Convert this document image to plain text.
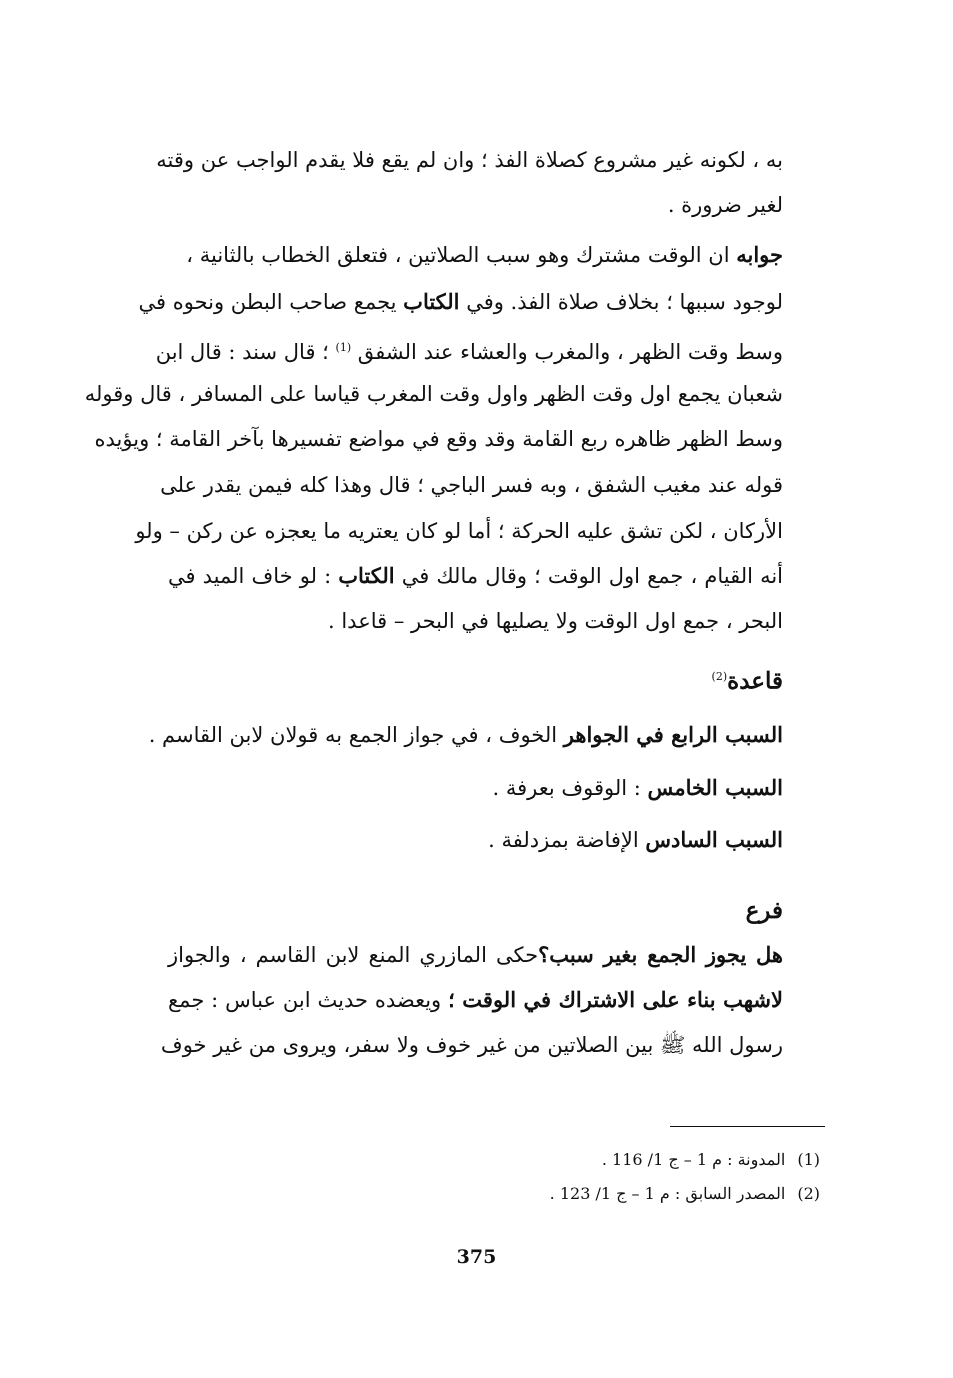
به ، لكونه غير مشروع كصلاة الفذ ؛ وان لم يقع فلا يقدم الواجب عن وقته
لغير ضرورة .
جوابه ان الوقت مشترك وهو سبب الصلاتين ، فتعلق الخطاب بالثانية ،
لوجود سببها ؛ بخلاف صلاة الفذ. وفي الكتاب يجمع صاحب البطن ونحوه في
وسط وقت الظهر ، والمغرب والعشاء عند الشفق $^{(1)}$ ؛ قال سند : قال ابن
شعبان يجمع اول وقت الظهر واول وقت المغرب قياسا على المسافر ، قال وقوله
وسط الظهر ظاهره ربع القامة وقد وقع في مواضع تفسيرها بآخر القامة ؛ ويؤيده
قوله عند مغيب الشفق ، وبه فسر الباجي ؛ قال وهذا كله فيمن يقدر على
الأركان ، لكن تشق عليه الحركة ؛ أما لو كان يعتريه ما يعجزه عن ركن – ولو
أنه القيام ، جمع اول الوقت ؛ وقال مالك في الكتاب : لو خاف الميد في
البحر ، جمع اول الوقت ولا يصليها في البحر – قاعدا .
قاعدة$^{(2)}$
السبب الرابع في الجواهر الخوف ، في جواز الجمع به قولان لابن القاسم .
السبب الخامس : الوقوف بعرفة .
السبب السادس الإفاضة بمزدلفة .
فرع
هل يجوز الجمع بغير سبب؟حكى المازري المنع لابن القاسم ، والجواز
لاشهب بناء على الاشتراك في الوقت ؛ ويعضده حديث ابن عباس : جمع
رسول الله ﷺ بين الصلاتين من غير خوف ولا سفر، ويروى من غير خوف
(1)المدونة : م 1 – ج 1/ 116 .
(2)المصدر السابق : م 1 – ج 1/ 123 .
375
